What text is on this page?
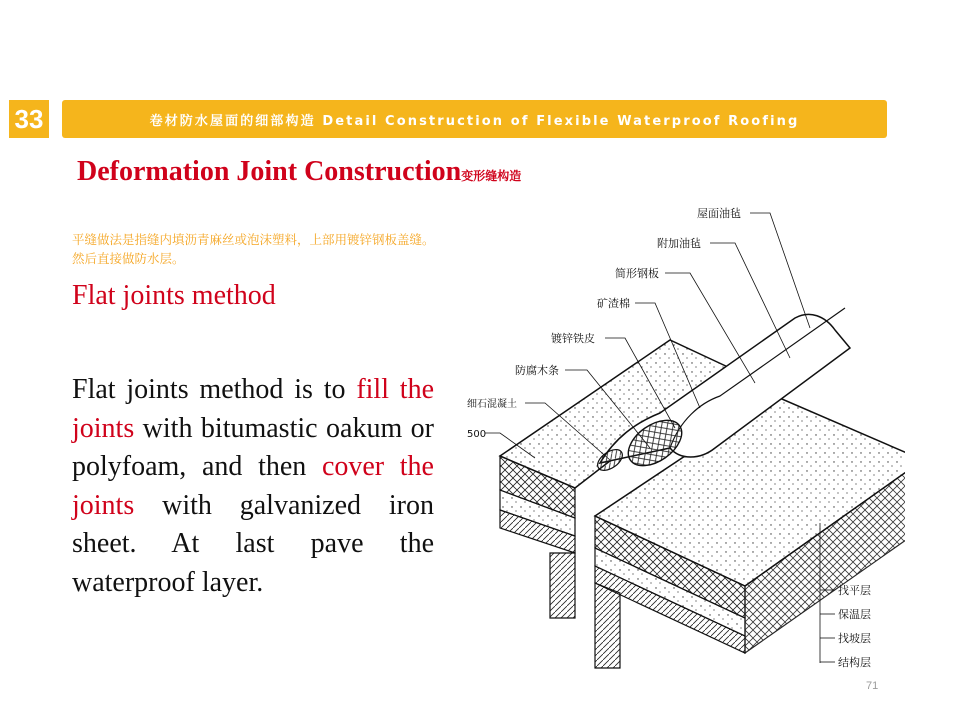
33	卷材防水屋面的细部构造 Detail Construction of Flexible Waterproof Roofing
Deformation Joint Construction变形缝构造
平缝做法是指缝内填沥青麻丝或泡沫塑料，上部用镀锌钢板盖缝。然后直接做防水层。
Flat joints method
Flat joints method is to fill the joints with bitumastic oakum or polyfoam, and then cover the joints with galvanized iron sheet. At last pave the waterproof layer.
屋面油毡
附加油毡
简形钢板
矿渣棉
镀锌铁皮
防腐木条
细石混凝土
500
找平层
保温层
找坡层
结构层
71
